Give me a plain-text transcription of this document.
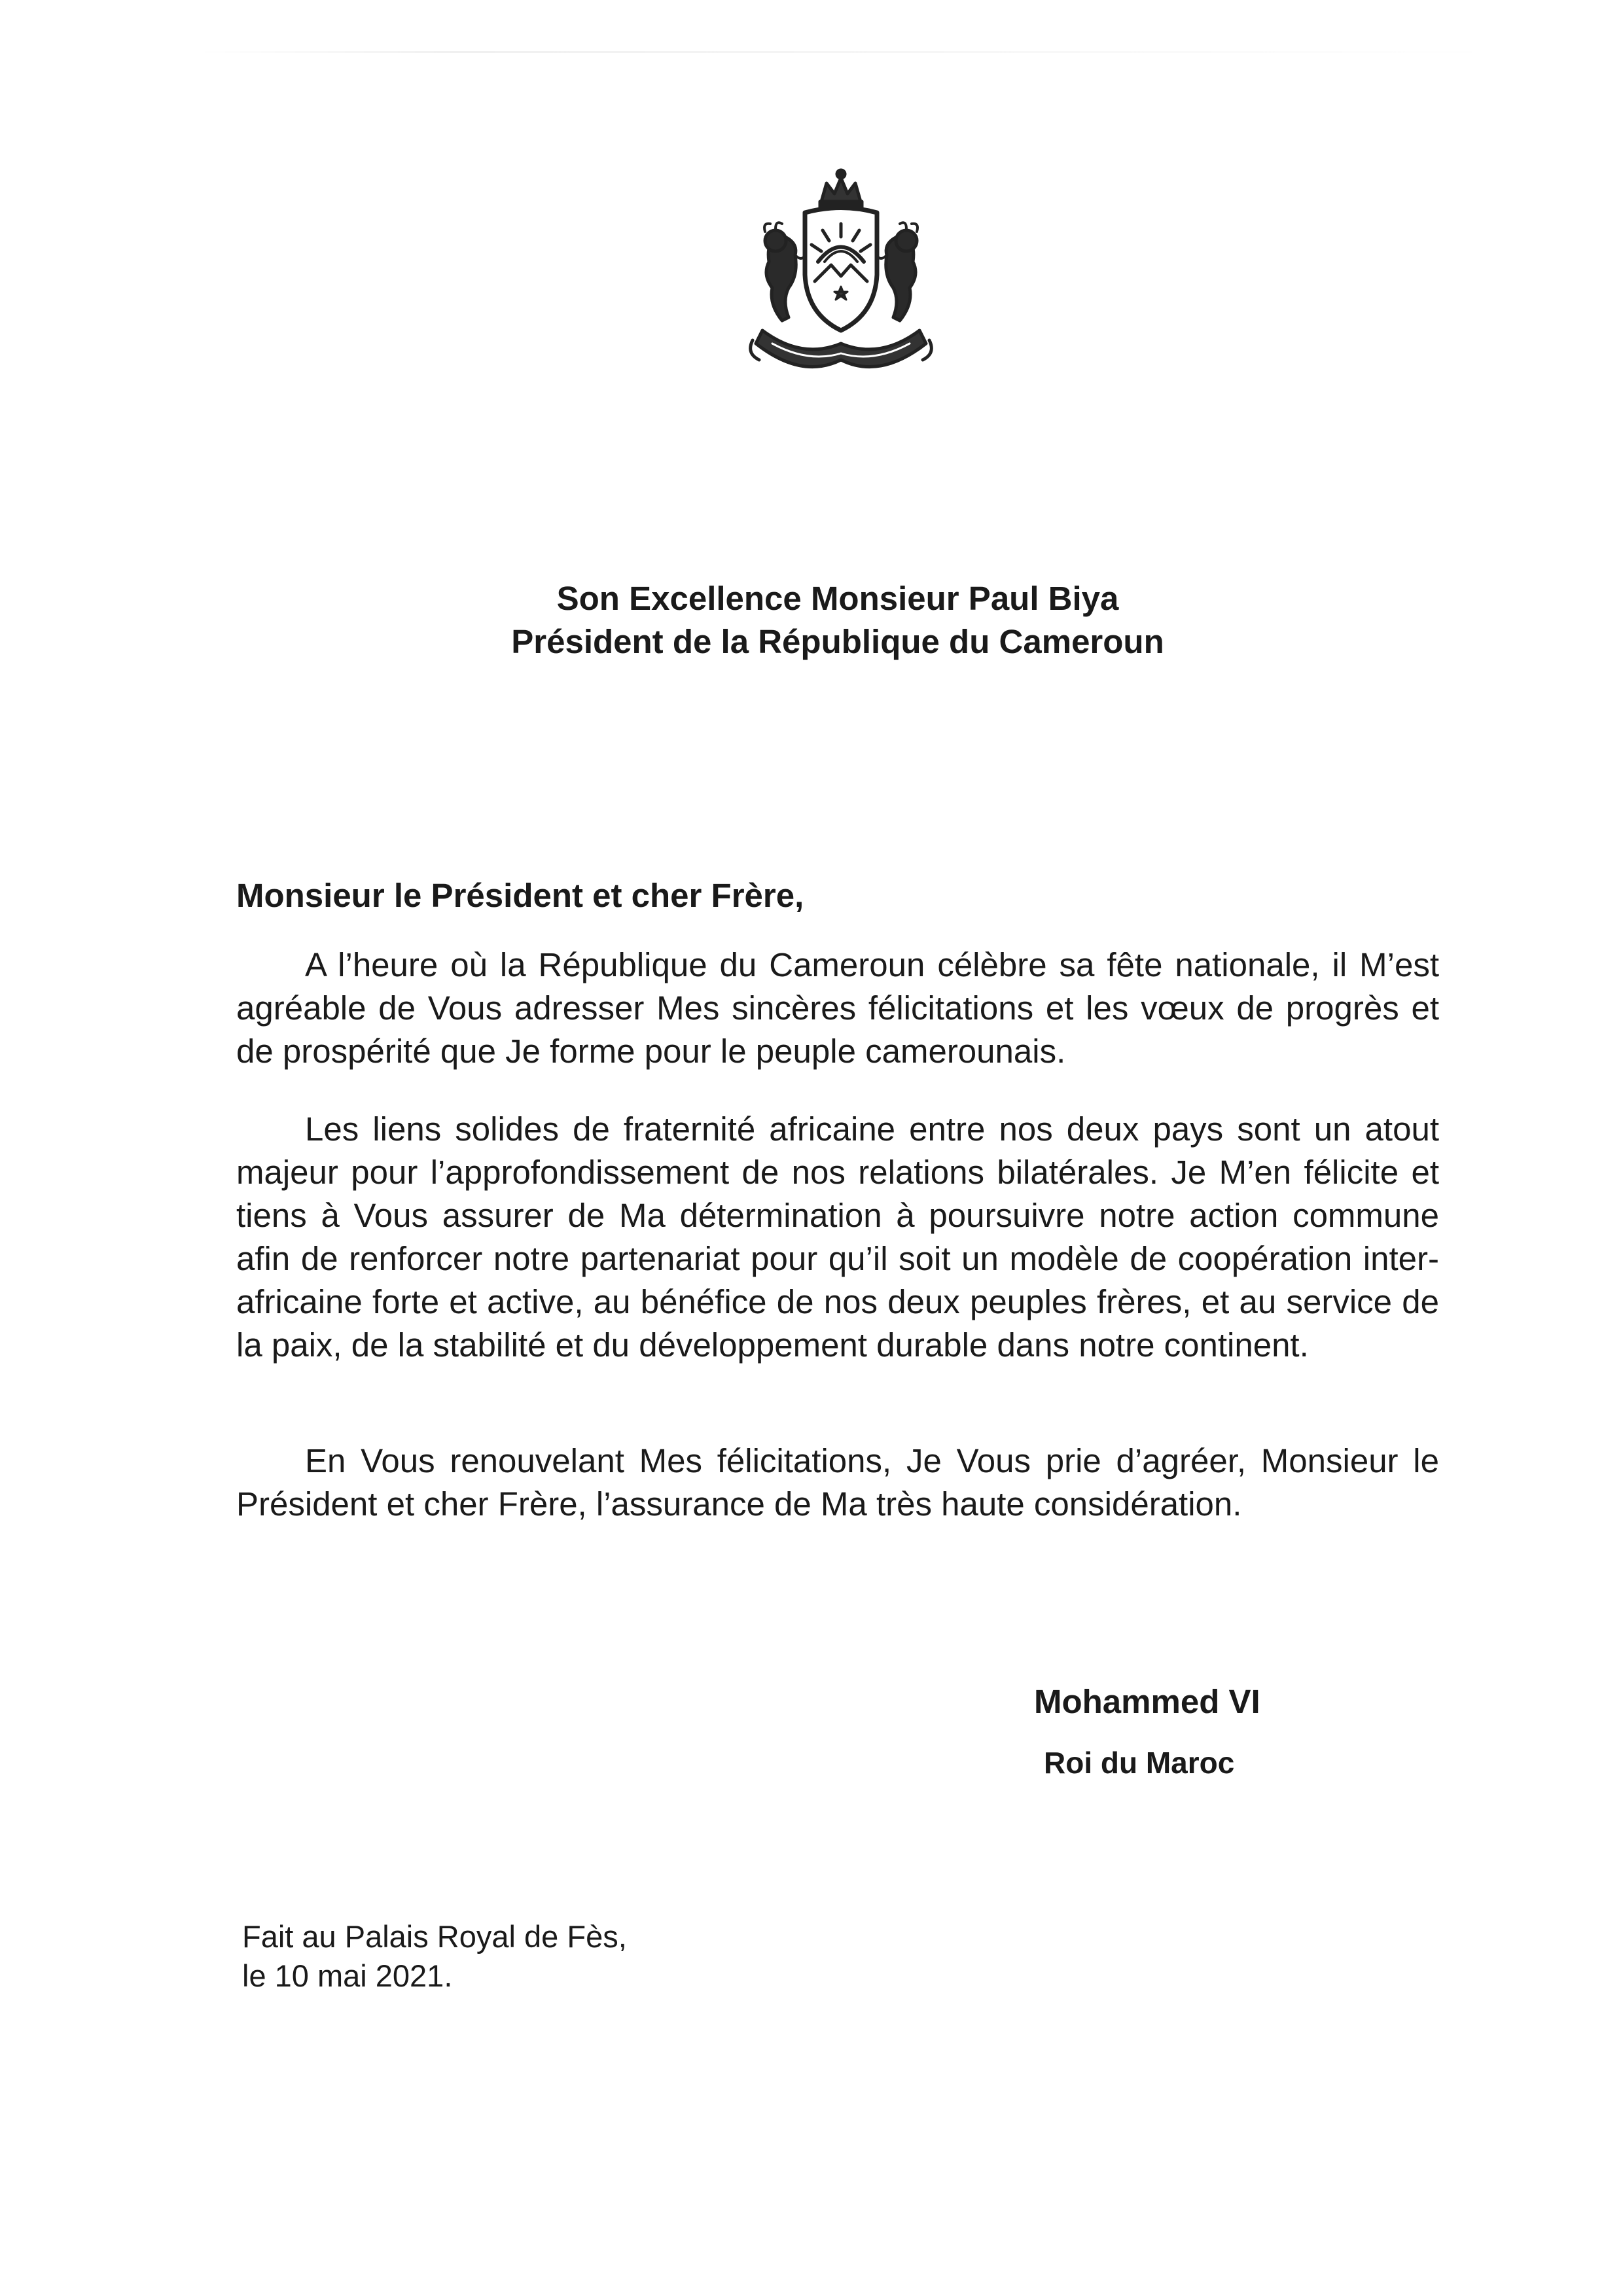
Son Excellence Monsieur Paul Biya
Président de la République du Cameroun
Monsieur le Président et cher Frère,
A l’heure où la République du Cameroun célèbre sa fête nationale, il M’est agréable de Vous adresser Mes sincères félicitations et les vœux de progrès et de prospérité que Je forme pour le peuple camerounais.
Les liens solides de fraternité africaine entre nos deux pays sont un atout majeur pour l’approfondissement de nos relations bilatérales. Je M’en félicite et tiens à Vous assurer de Ma détermination à poursuivre notre action commune afin de renforcer notre partenariat pour qu’il soit un modèle de coopération inter-africaine forte et active, au bénéfice de nos deux peuples frères, et au service de la paix, de la stabilité et du développement durable dans notre continent.
En Vous renouvelant Mes félicitations, Je Vous prie d’agréer, Monsieur le Président et cher Frère, l’assurance de Ma très haute considération.
Mohammed VI
Roi du Maroc
Fait au Palais Royal de Fès,
le 10 mai 2021.
